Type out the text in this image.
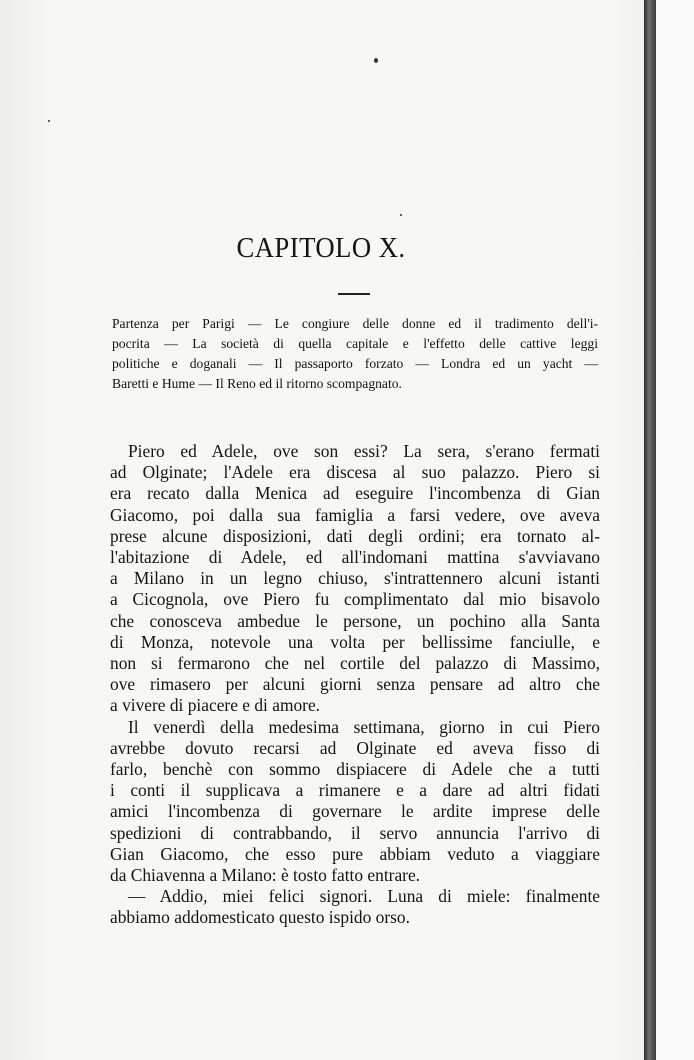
CAPITOLO X.
Partenza per Parigi — Le congiure delle donne ed il tradimento dell'i-
pocrita — La società di quella capitale e l'effetto delle cattive leggi
politiche e doganali — Il passaporto forzato — Londra ed un yacht —
Baretti e Hume — Il Reno ed il ritorno scompagnato.
Piero ed Adele, ove son essi? La sera, s'erano fermati
ad Olginate; l'Adele era discesa al suo palazzo. Piero si
era recato dalla Menica ad eseguire l'incombenza di Gian
Giacomo, poi dalla sua famiglia a farsi vedere, ove aveva
prese alcune disposizioni, dati degli ordini; era tornato al-
l'abitazione di Adele, ed all'indomani mattina s'avviavano
a Milano in un legno chiuso, s'intrattennero alcuni istanti
a Cicognola, ove Piero fu complimentato dal mio bisavolo
che conosceva ambedue le persone, un pochino alla Santa
di Monza, notevole una volta per bellissime fanciulle, e
non si fermarono che nel cortile del palazzo di Massimo,
ove rimasero per alcuni giorni senza pensare ad altro che
a vivere di piacere e di amore.
Il venerdì della medesima settimana, giorno in cui Piero
avrebbe dovuto recarsi ad Olginate ed aveva fisso di
farlo, benchè con sommo dispiacere di Adele che a tutti
i conti il supplicava a rimanere e a dare ad altri fidati
amici l'incombenza di governare le ardite imprese delle
spedizioni di contrabbando, il servo annuncia l'arrivo di
Gian Giacomo, che esso pure abbiam veduto a viaggiare
da Chiavenna a Milano: è tosto fatto entrare.
— Addio, miei felici signori. Luna di miele: finalmente
abbiamo addomesticato questo ispido orso.
